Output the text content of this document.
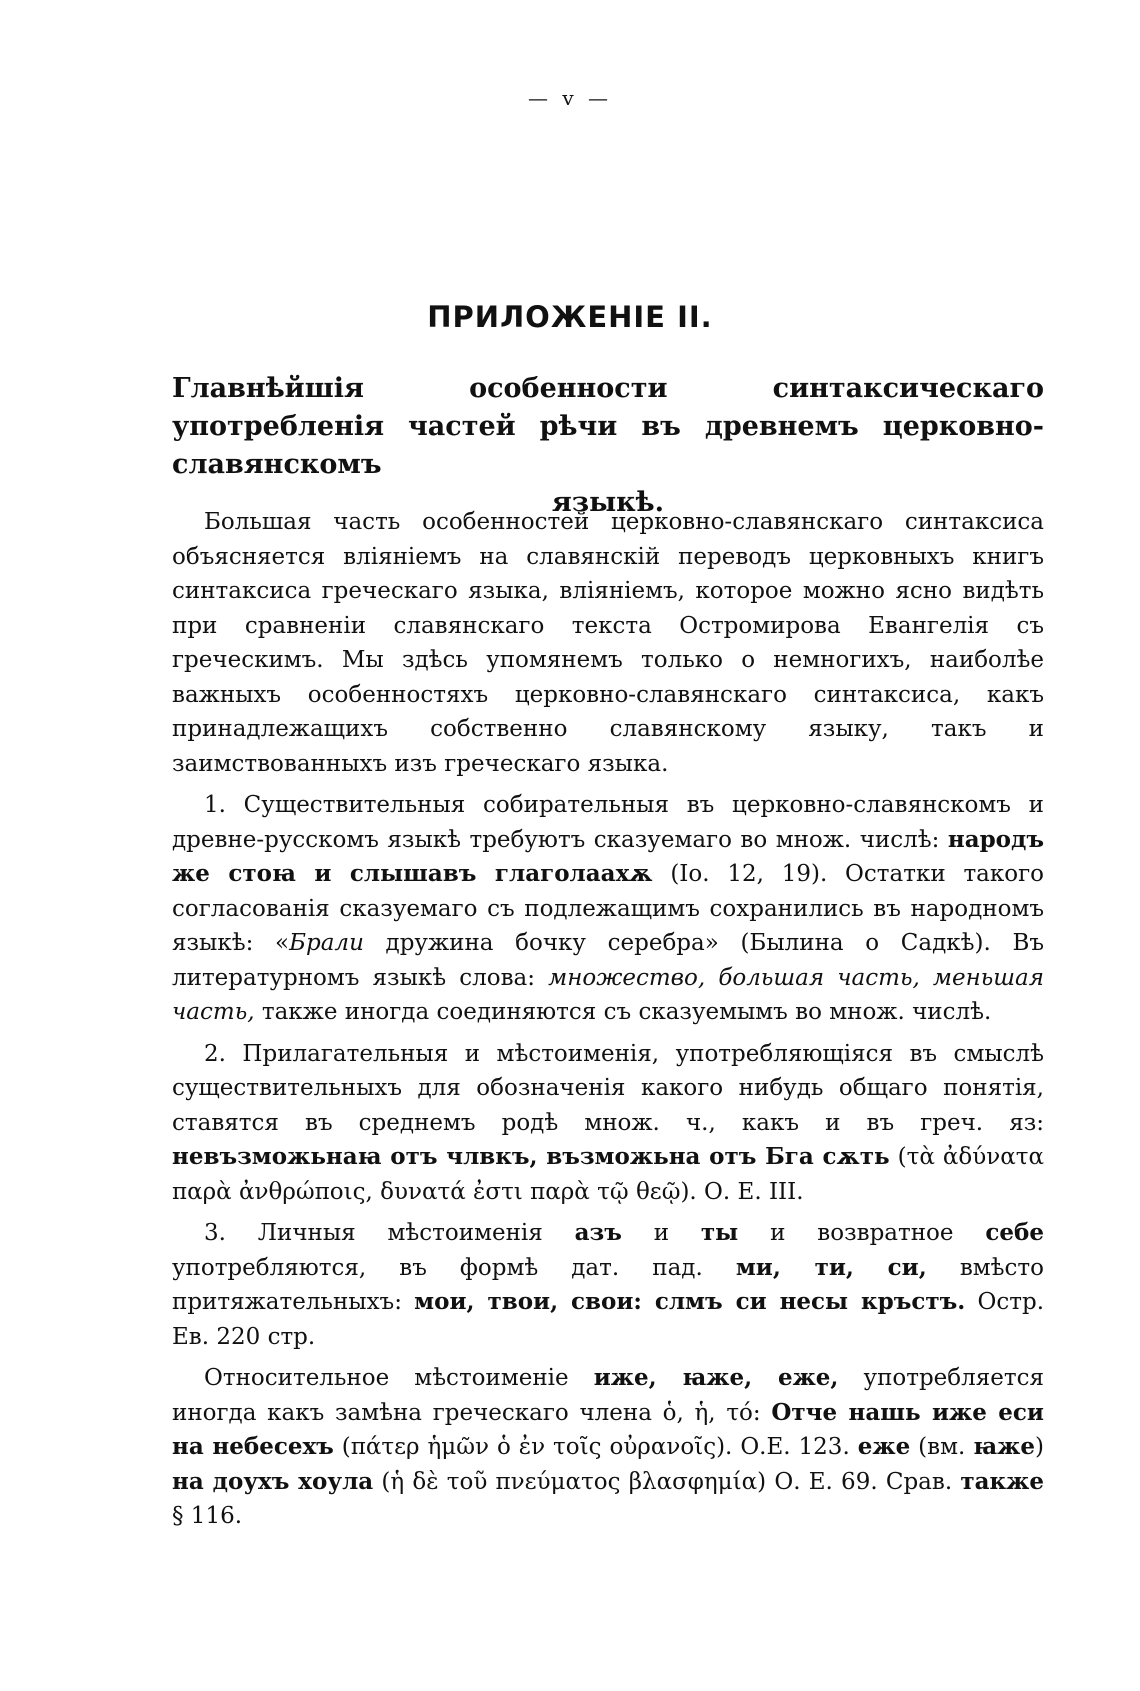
— v —
ПРИЛОЖЕНІЕ II.
Главнѣйшія особенности синтаксическаго употребленія частей рѣчи въ древнемъ церковно-славянскомъ
языкѣ.

Большая часть особенностей церковно-славянскаго синтаксиса объясняется вліяніемъ на славянскій переводъ церковныхъ книгъ синтаксиса греческаго языка, вліяніемъ, которое можно ясно видѣть при сравненіи славянскаго текста Остромирова Евангелія съ греческимъ. Мы здѣсь упомянемъ только о немногихъ, наиболѣе важныхъ особенностяхъ церковно-славянскаго синтаксиса, какъ принадлежащихъ собственно славянскому языку, такъ и заимствованныхъ изъ греческаго языка.

1. Существительныя собирательныя въ церковно-славянскомъ и древне-русскомъ языкѣ требуютъ сказуемаго во множ. числѣ: народъ же стоꙗ и слышавъ глаголаахѫ (Іо. 12, 19). Остатки такого согласованія сказуемаго съ подлежащимъ сохранились въ народномъ языкѣ: «Брали дружина бочку серебра» (Былина о Садкѣ). Въ литературномъ языкѣ слова: множество, большая часть, меньшая часть, также иногда соединяются съ сказуемымъ во множ. числѣ.

2. Прилагательныя и мѣстоименія, употребляющіяся въ смыслѣ существительныхъ для обозначенія какого нибудь общаго понятія, ставятся въ среднемъ родѣ множ. ч., какъ и въ греч. яз: невъзможьнаꙗ отъ члвкъ, възможьна отъ Бга сѫть (τὰ ἀδύνατα παρὰ ἀνθρώποις, δυνατά ἐστι παρὰ τῷ θεῷ). О. Е. III.

3. Личныя мѣстоименія азъ и ты и возвратное себе употребляются, въ формѣ дат. пад. ми, ти, си, вмѣсто притяжательныхъ: мои, твои, свои: слмъ си несы кръстъ. Остр. Ев. 220 стр.

Относительное мѣстоименіе иже, ꙗже, еже, употребляется иногда какъ замѣна греческаго члена ὁ, ἡ, τό: Отче нашь иже еси на небесехъ (πάτερ ἡμῶν ὁ ἐν τοῖς οὐρανοῖς). О.Е. 123. еже (вм. ꙗже) на доухъ хоула (ἡ δὲ τοῦ πνεύματος βλασφημία) О. Е. 69. Срав. также § 116.
